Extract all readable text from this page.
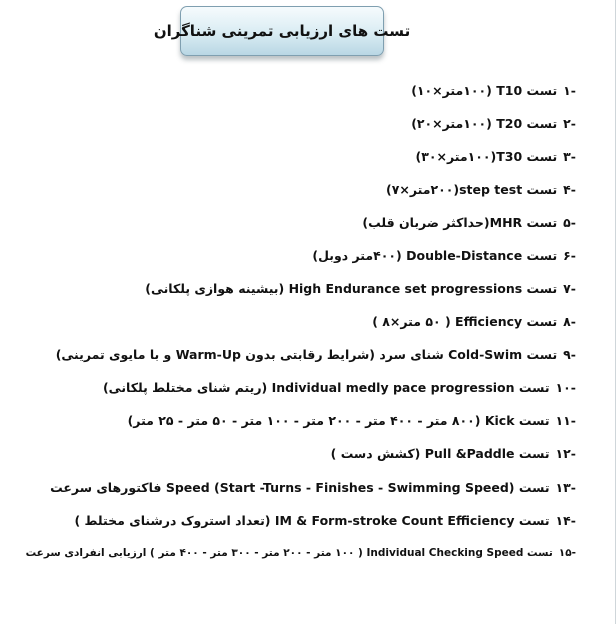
تست های ارزیابی تمرینی شناگران
١-
تست T10 (١٠٠متر×١٠)
٢-
تست T20 (١٠٠متر×٢٠)
٣-
تست T30(١٠٠متر×٣٠)
۴-
تست step test(٢٠٠متر×٧)
۵-
تست MHR(حداکثر ضربان قلب)
۶-
تست Double-Distance (۴٠٠متر دوبل)
٧-
تست High Endurance set progressions (بیشینه هوازی پلکانی)
٨-
تست Efficiency ( ۵٠ متر×٨ )
٩-
تست Cold-Swim شنای سرد (شرایط رقابتی بدون Warm-Up و با مایوی تمرینی)
١٠-
تست Individual medly pace progression (ریتم شنای مختلط پلکانی)
١١-
تست Kick (٨٠٠ متر - ۴٠٠ متر - ٢٠٠ متر - ١٠٠ متر - ۵٠ متر - ٢۵ متر)
١٢-
تست Pull &Paddle (کشش دست )
١٣-
تست Speed (Start -Turns - Finishes - Swimming Speed) فاکتورهای سرعت
١۴-
تست IM & Form-stroke Count Efficiency (تعداد استروک درشنای مختلط )
١۵-
تست Individual Checking Speed ( ١٠٠ متر - ٢٠٠ متر - ٣٠٠ متر - ۴٠٠ متر ) ارزیابی انفرادی سرعت
